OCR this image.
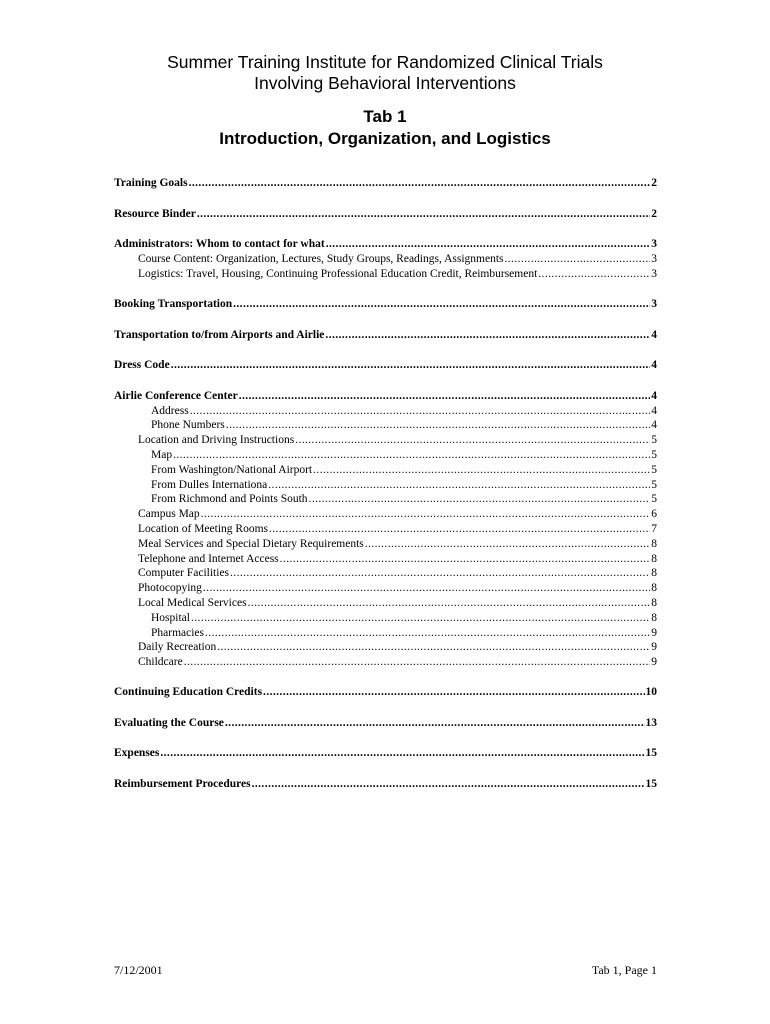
Summer Training Institute for Randomized Clinical Trials
Involving Behavioral Interventions
Tab 1
Introduction, Organization, and Logistics
Training Goals .....	2
Resource Binder .....	2
Administrators: Whom to contact for what .....	3
Course Content: Organization, Lectures, Study Groups, Readings, Assignments .....	3
Logistics: Travel, Housing, Continuing Professional Education Credit, Reimbursement .....	3
Booking Transportation .....	3
Transportation to/from Airports and Airlie .....	4
Dress Code .....	4
Airlie Conference Center .....	4
Address .....	4
Phone Numbers .....	4
Location and Driving Instructions .....	5
Map .....	5
From Washington/National Airport .....	5
From Dulles Internationa .....	5
From Richmond and Points South .....	5
Campus Map .....	6
Location of Meeting Rooms .....	7
Meal Services and Special Dietary Requirements .....	8
Telephone and Internet Access .....	8
Computer Facilities .....	8
Photocopying .....	8
Local Medical Services .....	8
Hospital .....	8
Pharmacies .....	9
Daily Recreation .....	9
Childcare .....	9
Continuing Education Credits .....	10
Evaluating the Course .....	13
Expenses .....	15
Reimbursement Procedures .....	15
7/12/2001	Tab 1, Page 1
